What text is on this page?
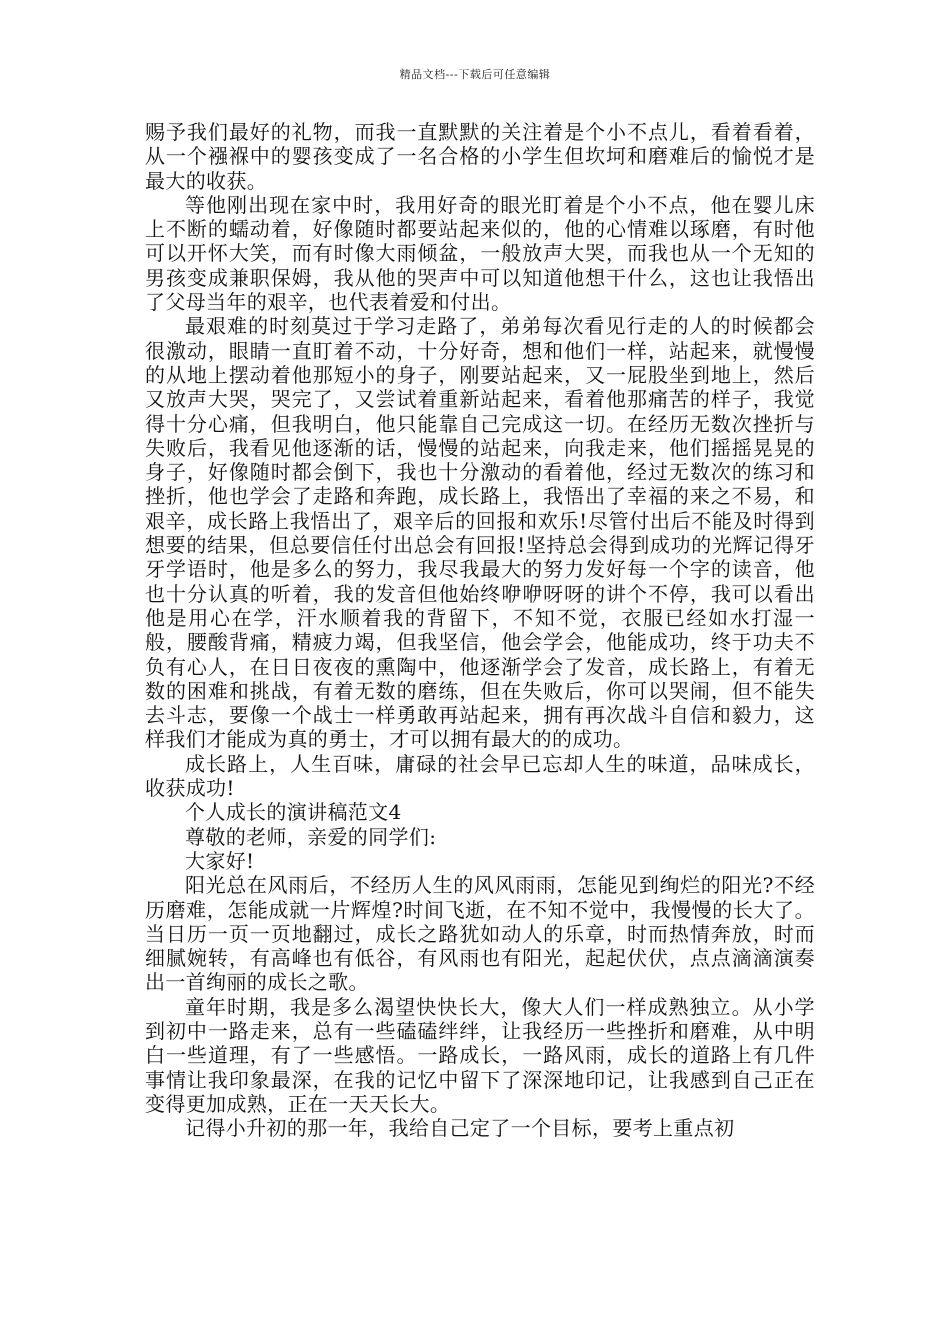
精品文档---下载后可任意编辑

赐予我们最好的礼物，而我一直默默的关注着是个小不点儿，看着看着，从一个襁褓中的婴孩变成了一名合格的小学生但坎坷和磨难后的愉悦才是最大的收获。

等他刚出现在家中时，我用好奇的眼光盯着是个小不点，他在婴儿床上不断的蠕动着，好像随时都要站起来似的，他的心情难以琢磨，有时他可以开怀大笑，而有时像大雨倾盆，一般放声大哭，而我也从一个无知的男孩变成兼职保姆，我从他的哭声中可以知道他想干什么，这也让我悟出了父母当年的艰辛，也代表着爱和付出。

最艰难的时刻莫过于学习走路了，弟弟每次看见行走的人的时候都会很激动，眼睛一直盯着不动，十分好奇，想和他们一样，站起来，就慢慢的从地上摆动着他那短小的身子，刚要站起来，又一屁股坐到地上，然后又放声大哭，哭完了，又尝试着重新站起来，看着他那痛苦的样子，我觉得十分心痛，但我明白，他只能靠自己完成这一切。在经历无数次挫折与失败后，我看见他逐渐的话，慢慢的站起来，向我走来，他们摇摇晃晃的身子，好像随时都会倒下，我也十分激动的看着他，经过无数次的练习和挫折，他也学会了走路和奔跑，成长路上，我悟出了幸福的来之不易，和艰辛，成长路上我悟出了，艰辛后的回报和欢乐!尽管付出后不能及时得到想要的结果，但总要信任付出总会有回报!坚持总会得到成功的光辉记得牙牙学语时，他是多么的努力，我尽我最大的努力发好每一个字的读音，他也十分认真的听着，我的发音但他始终咿咿呀呀的讲个不停，我可以看出他是用心在学，汗水顺着我的背留下，不知不觉，衣服已经如水打湿一般，腰酸背痛，精疲力竭，但我坚信，他会学会，他能成功，终于功夫不负有心人，在日日夜夜的熏陶中，他逐渐学会了发音，成长路上，有着无数的困难和挑战，有着无数的磨练，但在失败后，你可以哭闹，但不能失去斗志，要像一个战士一样勇敢再站起来，拥有再次战斗自信和毅力，这样我们才能成为真的勇士，才可以拥有最大的的成功。

成长路上，人生百味，庸碌的社会早已忘却人生的味道，品味成长，收获成功!

个人成长的演讲稿范文4

尊敬的老师，亲爱的同学们:

大家好!

阳光总在风雨后，不经历人生的风风雨雨，怎能见到绚烂的阳光?不经历磨难，怎能成就一片辉煌?时间飞逝，在不知不觉中，我慢慢的长大了。当日历一页一页地翻过，成长之路犹如动人的乐章，时而热情奔放，时而细腻婉转，有高峰也有低谷，有风雨也有阳光，起起伏伏，点点滴滴演奏出一首绚丽的成长之歌。

童年时期，我是多么渴望快快长大，像大人们一样成熟独立。从小学到初中一路走来，总有一些磕磕绊绊，让我经历一些挫折和磨难，从中明白一些道理，有了一些感悟。一路成长，一路风雨，成长的道路上有几件事情让我印象最深，在我的记忆中留下了深深地印记，让我感到自己正在变得更加成熟，正在一天天长大。

记得小升初的那一年，我给自己定了一个目标，要考上重点初
